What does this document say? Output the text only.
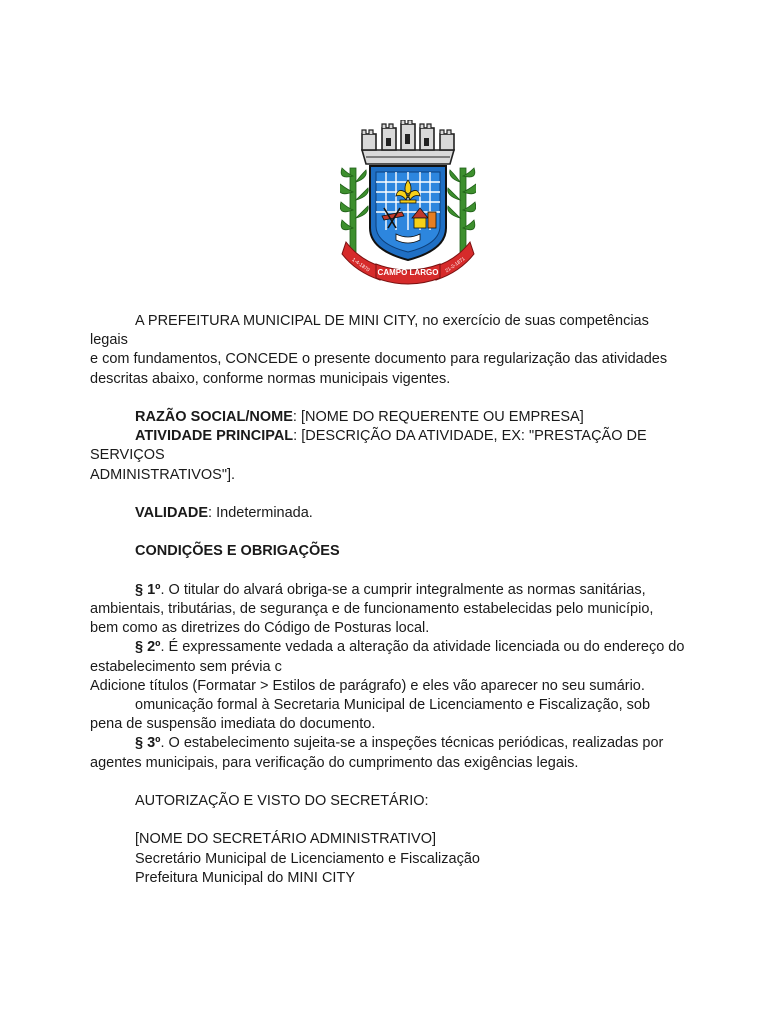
CAMPO LARGO
1-4-1870	21-2-1871

A PREFEITURA MUNICIPAL DE MINI CITY, no exercício de suas competências legais

e com fundamentos, CONCEDE o presente documento para regularização das atividades

descritas abaixo, conforme normas municipais vigentes.

RAZÃO SOCIAL/NOME: [NOME DO REQUERENTE OU EMPRESA]

ATIVIDADE PRINCIPAL: [DESCRIÇÃO DA ATIVIDADE, EX: "PRESTAÇÃO DE SERVIÇOS

ADMINISTRATIVOS"].

VALIDADE: Indeterminada.

CONDIÇÕES E OBRIGAÇÕES

§ 1º. O titular do alvará obriga-se a cumprir integralmente as normas sanitárias,

ambientais, tributárias, de segurança e de funcionamento estabelecidas pelo município,

bem como as diretrizes do Código de Posturas local.

§ 2º. É expressamente vedada a alteração da atividade licenciada ou do endereço do

estabelecimento sem prévia c

Adicione títulos (Formatar > Estilos de parágrafo) e eles vão aparecer no seu sumário.

omunicação formal à Secretaria Municipal de Licenciamento e Fiscalização, sob

pena de suspensão imediata do documento.

§ 3º. O estabelecimento sujeita-se a inspeções técnicas periódicas, realizadas por

agentes municipais, para verificação do cumprimento das exigências legais.

AUTORIZAÇÃO E VISTO DO SECRETÁRIO:

[NOME DO SECRETÁRIO ADMINISTRATIVO]

Secretário Municipal de Licenciamento e Fiscalização

Prefeitura Municipal do MINI CITY
